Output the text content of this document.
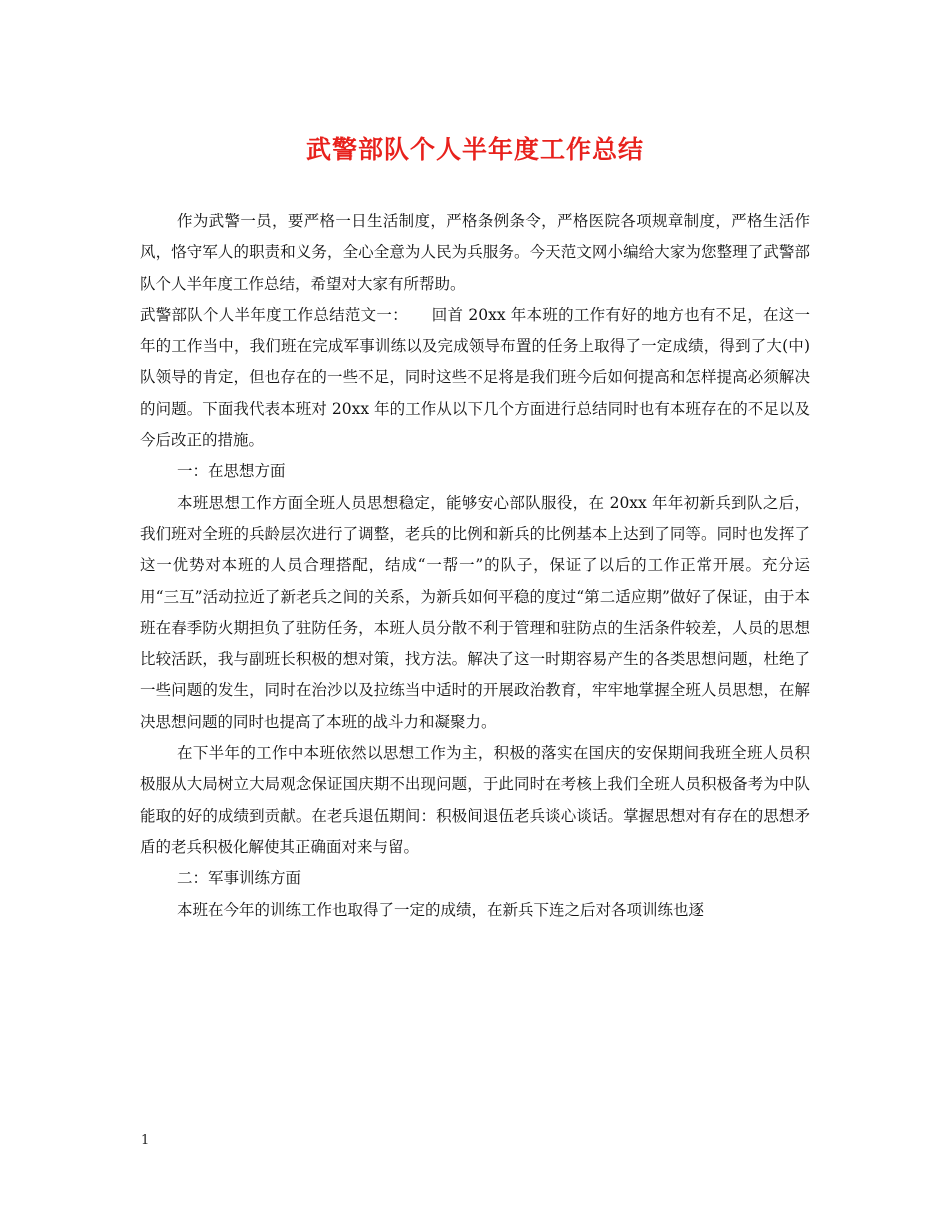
武警部队个人半年度工作总结

作为武警一员，要严格一日生活制度，严格条例条令，严格医院各项规章制度，严格生活作风，恪守军人的职责和义务，全心全意为人民为兵服务。今天范文网小编给大家为您整理了武警部队个人半年度工作总结，希望对大家有所帮助。

武警部队个人半年度工作总结范文一：　　回首 20xx 年本班的工作有好的地方也有不足，在这一年的工作当中，我们班在完成军事训练以及完成领导布置的任务上取得了一定成绩，得到了大(中)队领导的肯定，但也存在的一些不足，同时这些不足将是我们班今后如何提高和怎样提高必须解决的问题。下面我代表本班对 20xx 年的工作从以下几个方面进行总结同时也有本班存在的不足以及今后改正的措施。

一：在思想方面

本班思想工作方面全班人员思想稳定，能够安心部队服役，在 20xx 年年初新兵到队之后，我们班对全班的兵龄层次进行了调整，老兵的比例和新兵的比例基本上达到了同等。同时也发挥了这一优势对本班的人员合理搭配，结成“一帮一”的队子，保证了以后的工作正常开展。充分运用“三互”活动拉近了新老兵之间的关系，为新兵如何平稳的度过“第二适应期”做好了保证，由于本班在春季防火期担负了驻防任务，本班人员分散不利于管理和驻防点的生活条件较差，人员的思想比较活跃，我与副班长积极的想对策，找方法。解决了这一时期容易产生的各类思想问题，杜绝了一些问题的发生，同时在治沙以及拉练当中适时的开展政治教育，牢牢地掌握全班人员思想，在解决思想问题的同时也提高了本班的战斗力和凝聚力。

在下半年的工作中本班依然以思想工作为主，积极的落实在国庆的安保期间我班全班人员积极服从大局树立大局观念保证国庆期不出现问题，于此同时在考核上我们全班人员积极备考为中队能取的好的成绩到贡献。在老兵退伍期间：积极间退伍老兵谈心谈话。掌握思想对有存在的思想矛盾的老兵积极化解使其正确面对来与留。

二：军事训练方面

本班在今年的训练工作也取得了一定的成绩，在新兵下连之后对各项训练也逐

1
